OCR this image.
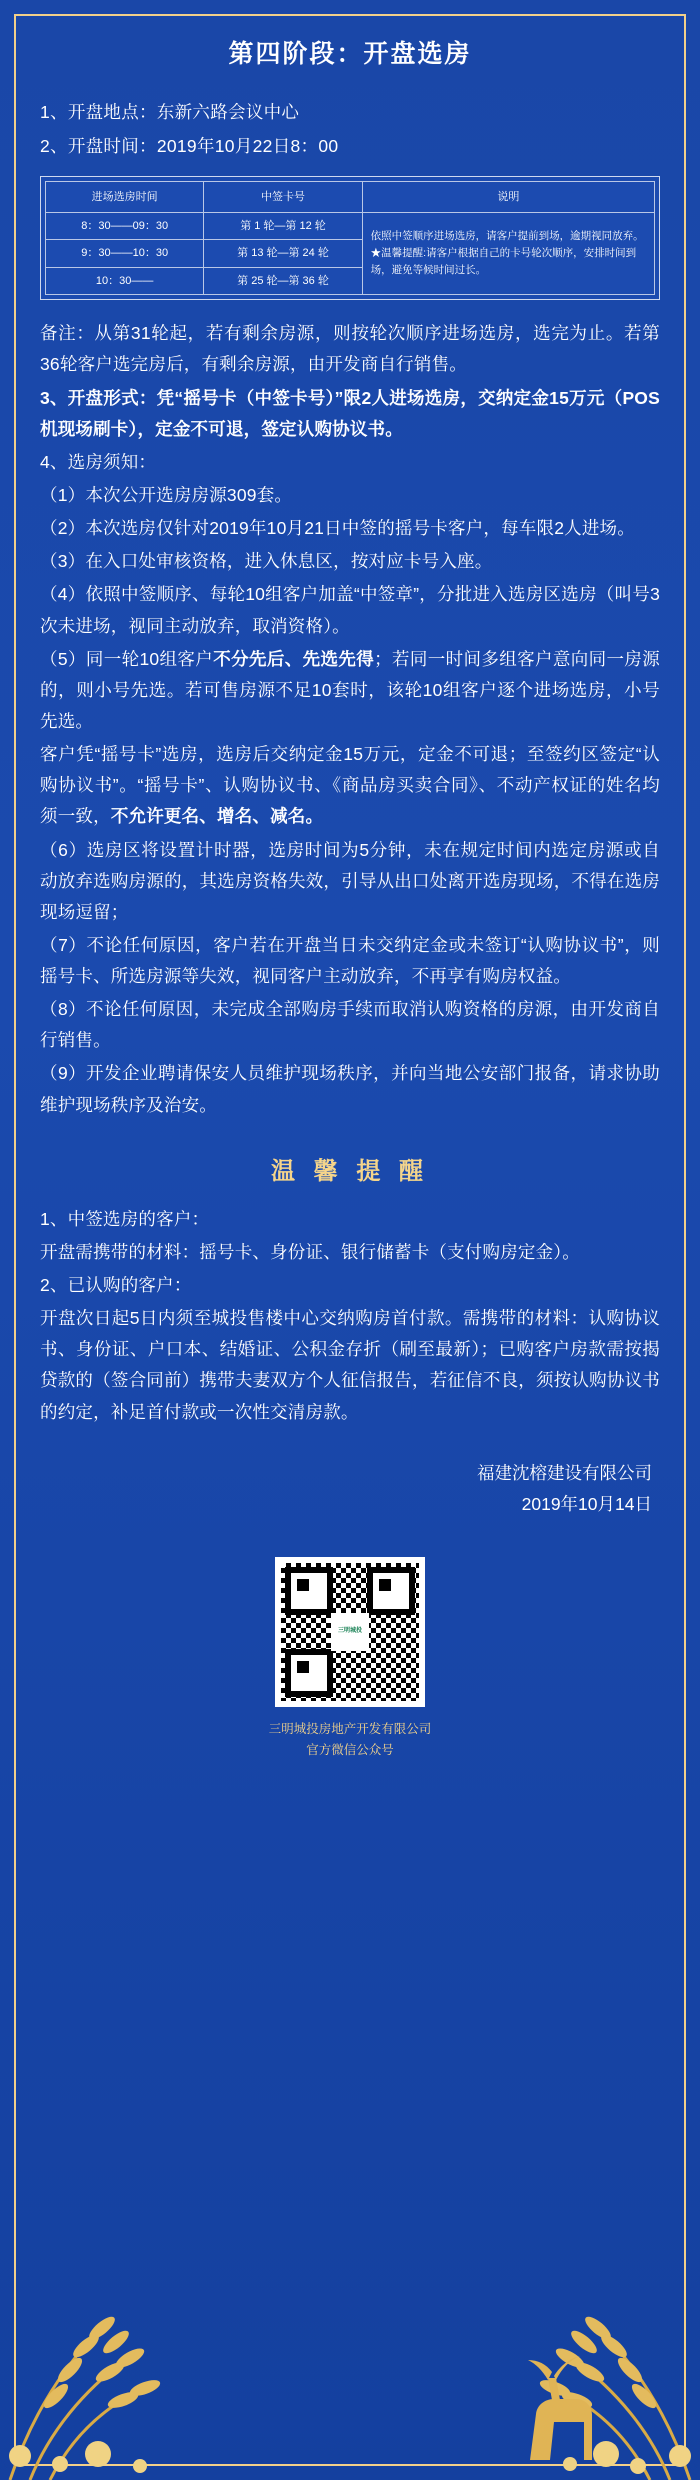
第四阶段：开盘选房

1、开盘地点：东新六路会议中心

2、开盘时间：2019年10月22日8：00

进场选房时间	中签卡号	说明
8：30——09：30	第 1 轮—第 12 轮	依照中签顺序进场选房，请客户提前到场，逾期视同放弃。
★温馨提醒:请客户根据自己的卡号轮次顺序，安排时间到场，避免等候时间过长。

9：30——10：30	第 13 轮—第 24 轮	
10：30——	第 25 轮—第 36 轮	

备注：从第31轮起，若有剩余房源，则按轮次顺序进场选房，选完为止。若第36轮客户选完房后，有剩余房源，由开发商自行销售。

3、开盘形式：凭“摇号卡（中签卡号）”限2人进场选房，交纳定金15万元（POS机现场刷卡），定金不可退，签定认购协议书。

4、选房须知：

（1）本次公开选房房源309套。

（2）本次选房仅针对2019年10月21日中签的摇号卡客户，每车限2人进场。

（3）在入口处审核资格，进入休息区，按对应卡号入座。

（4）依照中签顺序、每轮10组客户加盖“中签章”，分批进入选房区选房（叫号3次未进场，视同主动放弃，取消资格）。

（5）同一轮10组客户不分先后、先选先得；若同一时间多组客户意向同一房源的，则小号先选。若可售房源不足10套时，该轮10组客户逐个进场选房，小号先选。

客户凭“摇号卡”选房，选房后交纳定金15万元，定金不可退；至签约区签定“认购协议书”。“摇号卡”、认购协议书、《商品房买卖合同》、不动产权证的姓名均须一致，不允许更名、增名、减名。

（6）选房区将设置计时器，选房时间为5分钟，未在规定时间内选定房源或自动放弃选购房源的，其选房资格失效，引导从出口处离开选房现场，不得在选房现场逗留；

（7）不论任何原因，客户若在开盘当日未交纳定金或未签订“认购协议书”，则摇号卡、所选房源等失效，视同客户主动放弃，不再享有购房权益。

（8）不论任何原因，未完成全部购房手续而取消认购资格的房源，由开发商自行销售。

（9）开发企业聘请保安人员维护现场秩序，并向当地公安部门报备，请求协助维护现场秩序及治安。

温 馨 提 醒

1、中签选房的客户：

开盘需携带的材料：摇号卡、身份证、银行储蓄卡（支付购房定金）。

2、已认购的客户：

开盘次日起5日内须至城投售楼中心交纳购房首付款。需携带的材料：认购协议书、身份证、户口本、结婚证、公积金存折（刷至最新）；已购客户房款需按揭贷款的（签合同前）携带夫妻双方个人征信报告，若征信不良，须按认购协议书的约定，补足首付款或一次性交清房款。

福建沈榕建设有限公司
2019年10月14日
三明城投
三明城投房地产开发有限公司
官方微信公众号
